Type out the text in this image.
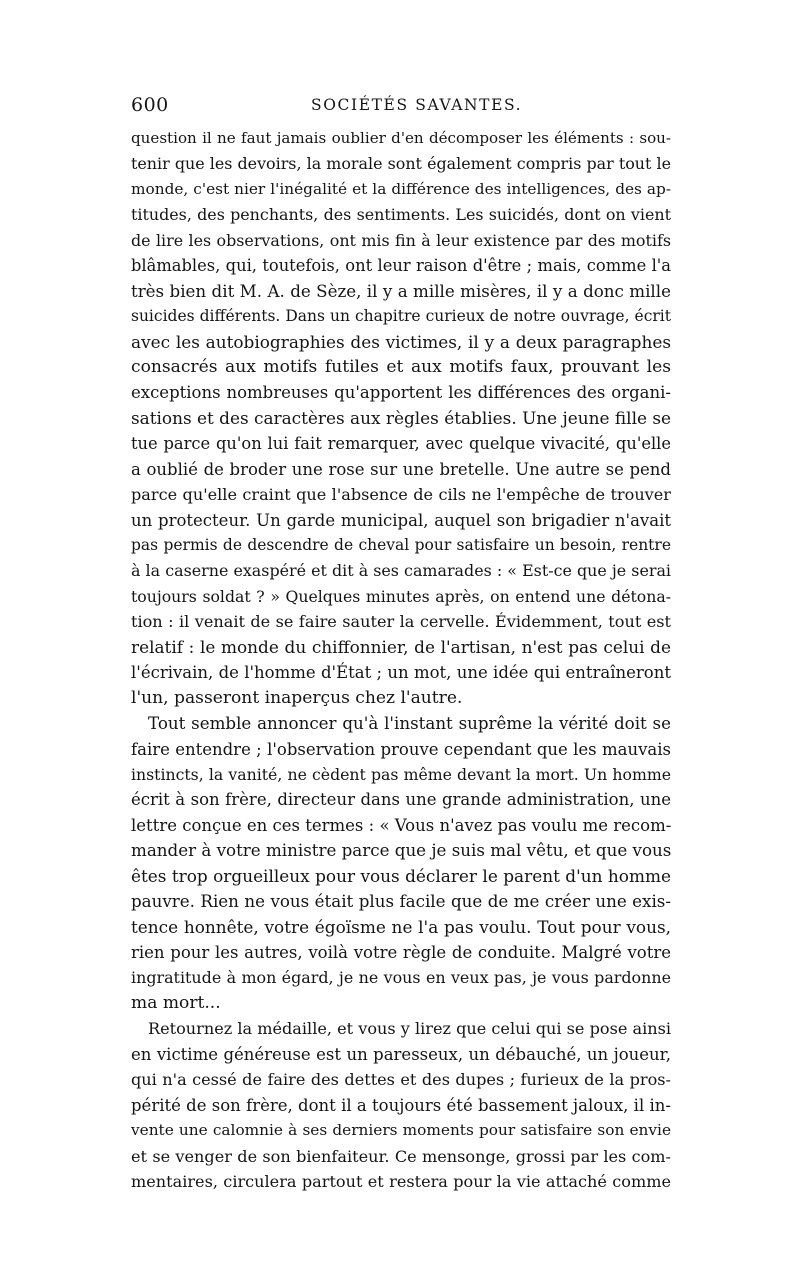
600	SOCIÉTÉS SAVANTES.
question il ne faut jamais oublier d'en décomposer les éléments : sou-
tenir que les devoirs, la morale sont également compris par tout le
monde, c'est nier l'inégalité et la différence des intelligences, des ap-
titudes, des penchants, des sentiments. Les suicidés, dont on vient
de lire les observations, ont mis fin à leur existence par des motifs
blâmables, qui, toutefois, ont leur raison d'être ; mais, comme l'a
très bien dit M. A. de Sèze, il y a mille misères, il y a donc mille
suicides différents. Dans un chapitre curieux de notre ouvrage, écrit
avec les autobiographies des victimes, il y a deux paragraphes
consacrés aux motifs futiles et aux motifs faux, prouvant les
exceptions nombreuses qu'apportent les différences des organi-
sations et des caractères aux règles établies. Une jeune fille se
tue parce qu'on lui fait remarquer, avec quelque vivacité, qu'elle
a oublié de broder une rose sur une bretelle. Une autre se pend
parce qu'elle craint que l'absence de cils ne l'empêche de trouver
un protecteur. Un garde municipal, auquel son brigadier n'avait
pas permis de descendre de cheval pour satisfaire un besoin, rentre
à la caserne exaspéré et dit à ses camarades : « Est-ce que je serai
toujours soldat ? » Quelques minutes après, on entend une détona-
tion : il venait de se faire sauter la cervelle. Évidemment, tout est
relatif : le monde du chiffonnier, de l'artisan, n'est pas celui de
l'écrivain, de l'homme d'État ; un mot, une idée qui entraîneront
l'un, passeront inaperçus chez l'autre.
Tout semble annoncer qu'à l'instant suprême la vérité doit se
faire entendre ; l'observation prouve cependant que les mauvais
instincts, la vanité, ne cèdent pas même devant la mort. Un homme
écrit à son frère, directeur dans une grande administration, une
lettre conçue en ces termes : « Vous n'avez pas voulu me recom-
mander à votre ministre parce que je suis mal vêtu, et que vous
êtes trop orgueilleux pour vous déclarer le parent d'un homme
pauvre. Rien ne vous était plus facile que de me créer une exis-
tence honnête, votre égoïsme ne l'a pas voulu. Tout pour vous,
rien pour les autres, voilà votre règle de conduite. Malgré votre
ingratitude à mon égard, je ne vous en veux pas, je vous pardonne
ma mort...
Retournez la médaille, et vous y lirez que celui qui se pose ainsi
en victime généreuse est un paresseux, un débauché, un joueur,
qui n'a cessé de faire des dettes et des dupes ; furieux de la pros-
périté de son frère, dont il a toujours été bassement jaloux, il in-
vente une calomnie à ses derniers moments pour satisfaire son envie
et se venger de son bienfaiteur. Ce mensonge, grossi par les com-
mentaires, circulera partout et restera pour la vie attaché comme
